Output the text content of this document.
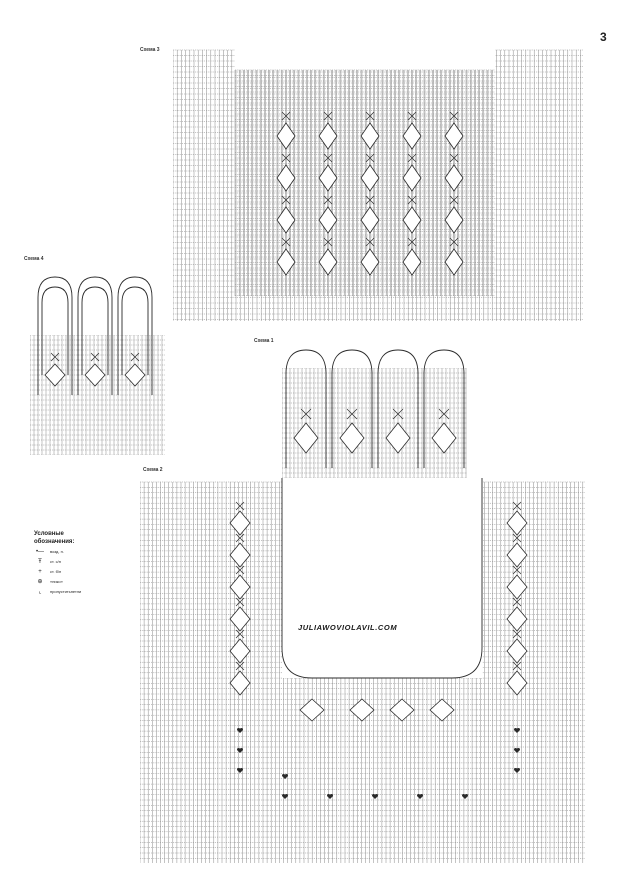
3
Схема 3
Схема 4
Схема 1
Схема 2
Условные
обозначения:
•—	возд. п.
Ŧ	ст. с/н
+	ст. б/н
⊕	«пико»
⌞	пропуститьпетли
JULIAWOVIOLAVIL.COM
